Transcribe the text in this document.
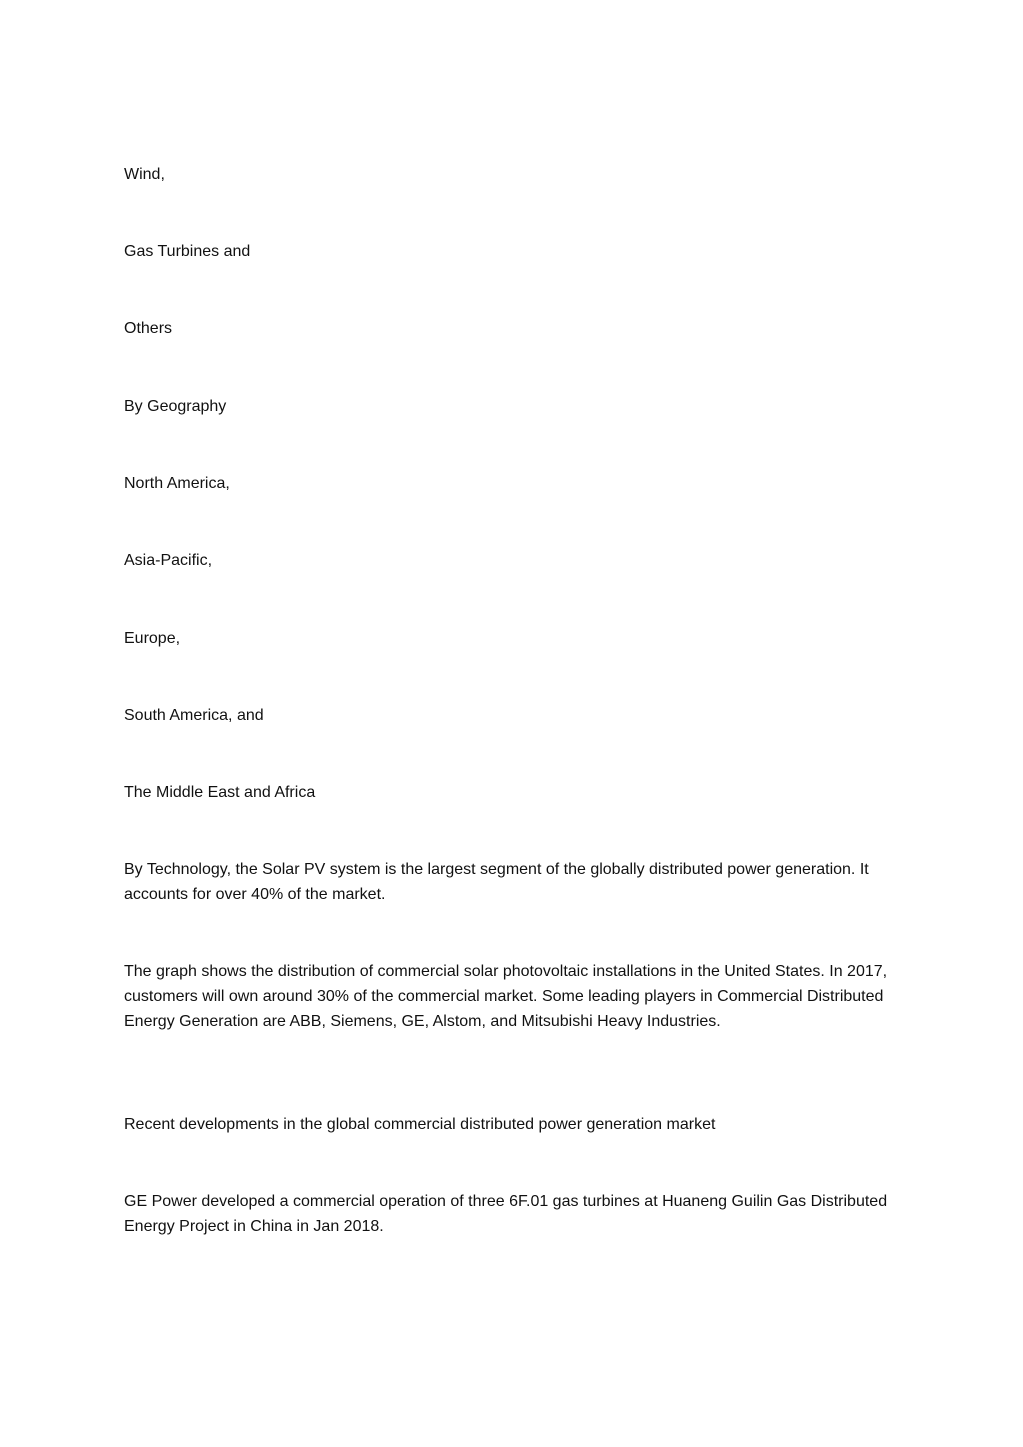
Wind,

Gas Turbines and

Others

By Geography

North America,

Asia-Pacific,

Europe,

South America, and

The Middle East and Africa

By Technology, the Solar PV system is the largest segment of the globally distributed power generation. It accounts for over 40% of the market.

The graph shows the distribution of commercial solar photovoltaic installations in the United States. In 2017, customers will own around 30% of the commercial market. Some leading players in Commercial Distributed Energy Generation are ABB, Siemens, GE, Alstom, and Mitsubishi Heavy Industries.

Recent developments in the global commercial distributed power generation market

GE Power developed a commercial operation of three 6F.01 gas turbines at Huaneng Guilin Gas Distributed Energy Project in China in Jan 2018.
